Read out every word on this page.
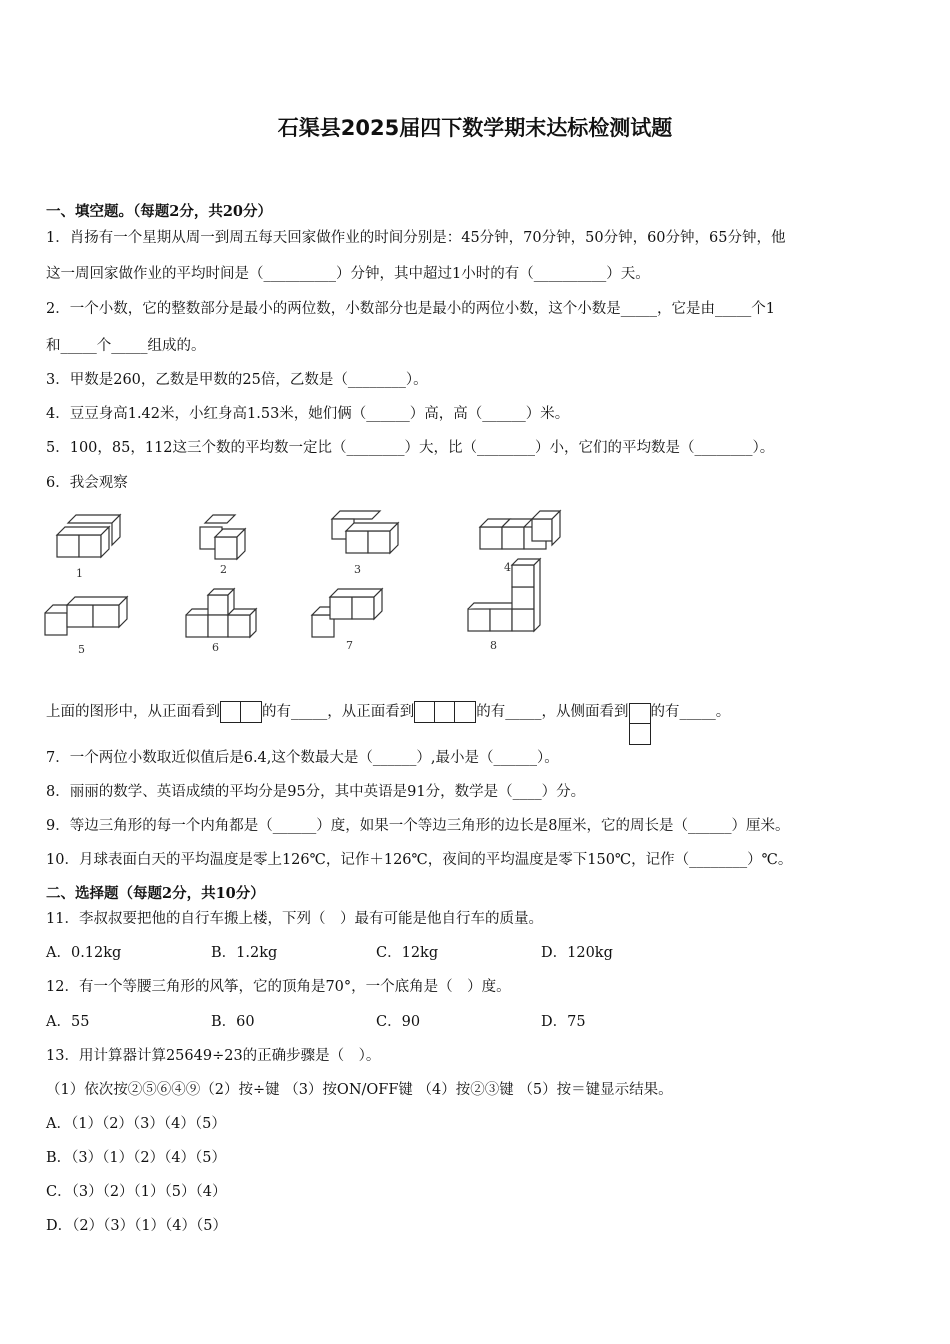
石渠县2025届四下数学期末达标检测试题
一、填空题。（每题2分，共20分）
1．肖扬有一个星期从周一到周五每天回家做作业的时间分别是：45分钟，70分钟，50分钟，60分钟，65分钟，他
这一周回家做作业的平均时间是（__________）分钟，其中超过1小时的有（__________）天。
2．一个小数，它的整数部分是最小的两位数，小数部分也是最小的两位小数，这个小数是_____，它是由_____个1
和_____个_____组成的。
3．甲数是260，乙数是甲数的25倍，乙数是（________）。
4．豆豆身高1.42米，小红身高1.53米，她们俩（______）高，高（______）米。
5．100，85，112这三个数的平均数一定比（________）大，比（________）小，它们的平均数是（________）。
6．我会观察
1	2	3	4
5	6	7	8
上面的图形中，从正面看到	的有_____，从正面看到	的有_____，从侧面看到 的有_____。
7．一个两位小数取近似值后是6.4,这个数最大是（______）,最小是（______）。
8．丽丽的数学、英语成绩的平均分是95分，其中英语是91分，数学是（____）分。
9．等边三角形的每一个内角都是（______）度，如果一个等边三角形的边长是8厘米，它的周长是（______）厘米。
10．月球表面白天的平均温度是零上126℃，记作＋126℃，夜间的平均温度是零下150℃，记作（________）℃。
二、选择题（每题2分，共10分）
11．李叔叔要把他的自行车搬上楼，下列（　）最有可能是他自行车的质量。
A．0.12kg	B．1.2kg	C．12kg	D．120kg
12．有一个等腰三角形的风筝，它的顶角是70°，一个底角是（　）度。
A．55	B．60	C．90	D．75
13．用计算器计算25649÷23的正确步骤是（　）。
（1）依次按②⑤⑥④⑨（2）按÷键 （3）按ON/OFF键 （4）按②③键 （5）按＝键显示结果。
A．（1）（2）（3）（4）（5）
B．（3）（1）（2）（4）（5）
C．（3）（2）（1）（5）（4）
D．（2）（3）（1）（4）（5）
